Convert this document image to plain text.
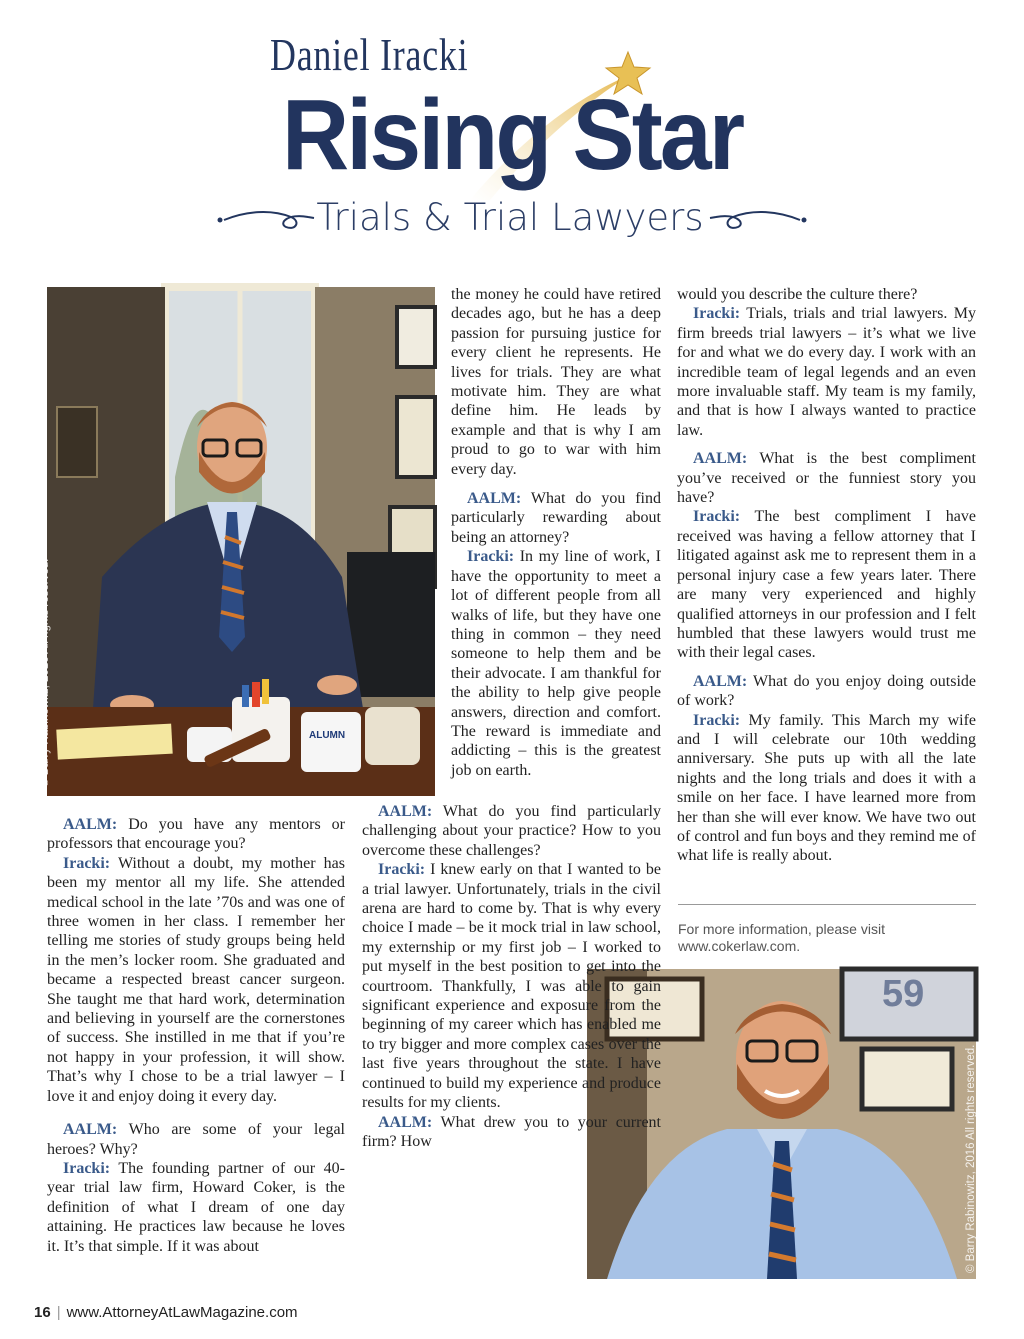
Daniel Iracki
Rising Star
Trials & Trial Lawyers
ALUMN
© Barry Rabinowitz, 2016 All rights reserved.
59
© Barry Rabinowitz, 2016 All rights reserved.

AALM: Do you have any mentors or professors that encourage you?

Iracki: Without a doubt, my mother has been my mentor all my life. She attended medical school in the late ’70s and was one of three women in her class. I remember her telling me stories of study groups being held in the men’s locker room. She graduated and became a respected breast cancer surgeon. She taught me that hard work, determination and believing in yourself are the cornerstones of success. She instilled in me that if you’re not happy in your profession, it will show. That’s why I chose to be a trial lawyer – I love it and enjoy doing it every day.

AALM: Who are some of your legal heroes? Why?

Iracki: The founding partner of our 40-year trial law firm, Howard Coker, is the definition of what I dream of one day attaining. He practices law because he loves it. It’s that simple. If it was about

the money he could have retired decades ago, but he has a deep passion for pursuing justice for every client he represents. He lives for trials. They are what motivate him. They are what define him. He leads by example and that is why I am proud to go to war with him every day.

AALM: What do you find particularly rewarding about being an attorney?

Iracki: In my line of work, I have the opportunity to meet a lot of different people from all walks of life, but they have one thing in common – they need someone to help them and be their advocate. I am thankful for the ability to help give people answers, direction and comfort. The reward is immediate and addicting – this is the greatest job on earth.

AALM: What do you find particularly challenging about your practice? How to you overcome these challenges?

Iracki: I knew early on that I wanted to be a trial lawyer. Unfortunately, trials in the civil arena are hard to come by. That is why every choice I made – be it mock trial in law school, my externship or my first job – I worked to put myself in the best position to get into the courtroom. Thankfully, I was able to gain significant experience and exposure from the beginning of my career which has enabled me to try bigger and more complex cases over the last five years throughout the state. I have continued to build my experience and produce results for my clients.

AALM: What drew you to your current firm? How

would you describe the culture there?

Iracki: Trials, trials and trial lawyers. My firm breeds trial lawyers – it’s what we live for and what we do every day. I work with an incredible team of legal legends and an even more invaluable staff. My team is my family, and that is how I always wanted to practice law.

AALM: What is the best compliment you’ve received or the funniest story you have?

Iracki: The best compliment I have received was having a fellow attorney that I litigated against ask me to represent them in a personal injury case a few years later. There are many very experienced and highly qualified attorneys in our profession and I felt humbled that these lawyers would trust me with their legal cases.

AALM: What do you enjoy doing outside of work?

Iracki: My family. This March my wife and I will celebrate our 10th wedding anniversary. She puts up with all the late nights and the long trials and does it with a smile on her face. I have learned more from her than she will ever know. We have two out of control and fun boys and they remind me of what life is really about.

For more information, please visit
www.cokerlaw.com.
16 | www.AttorneyAtLawMagazine.com
